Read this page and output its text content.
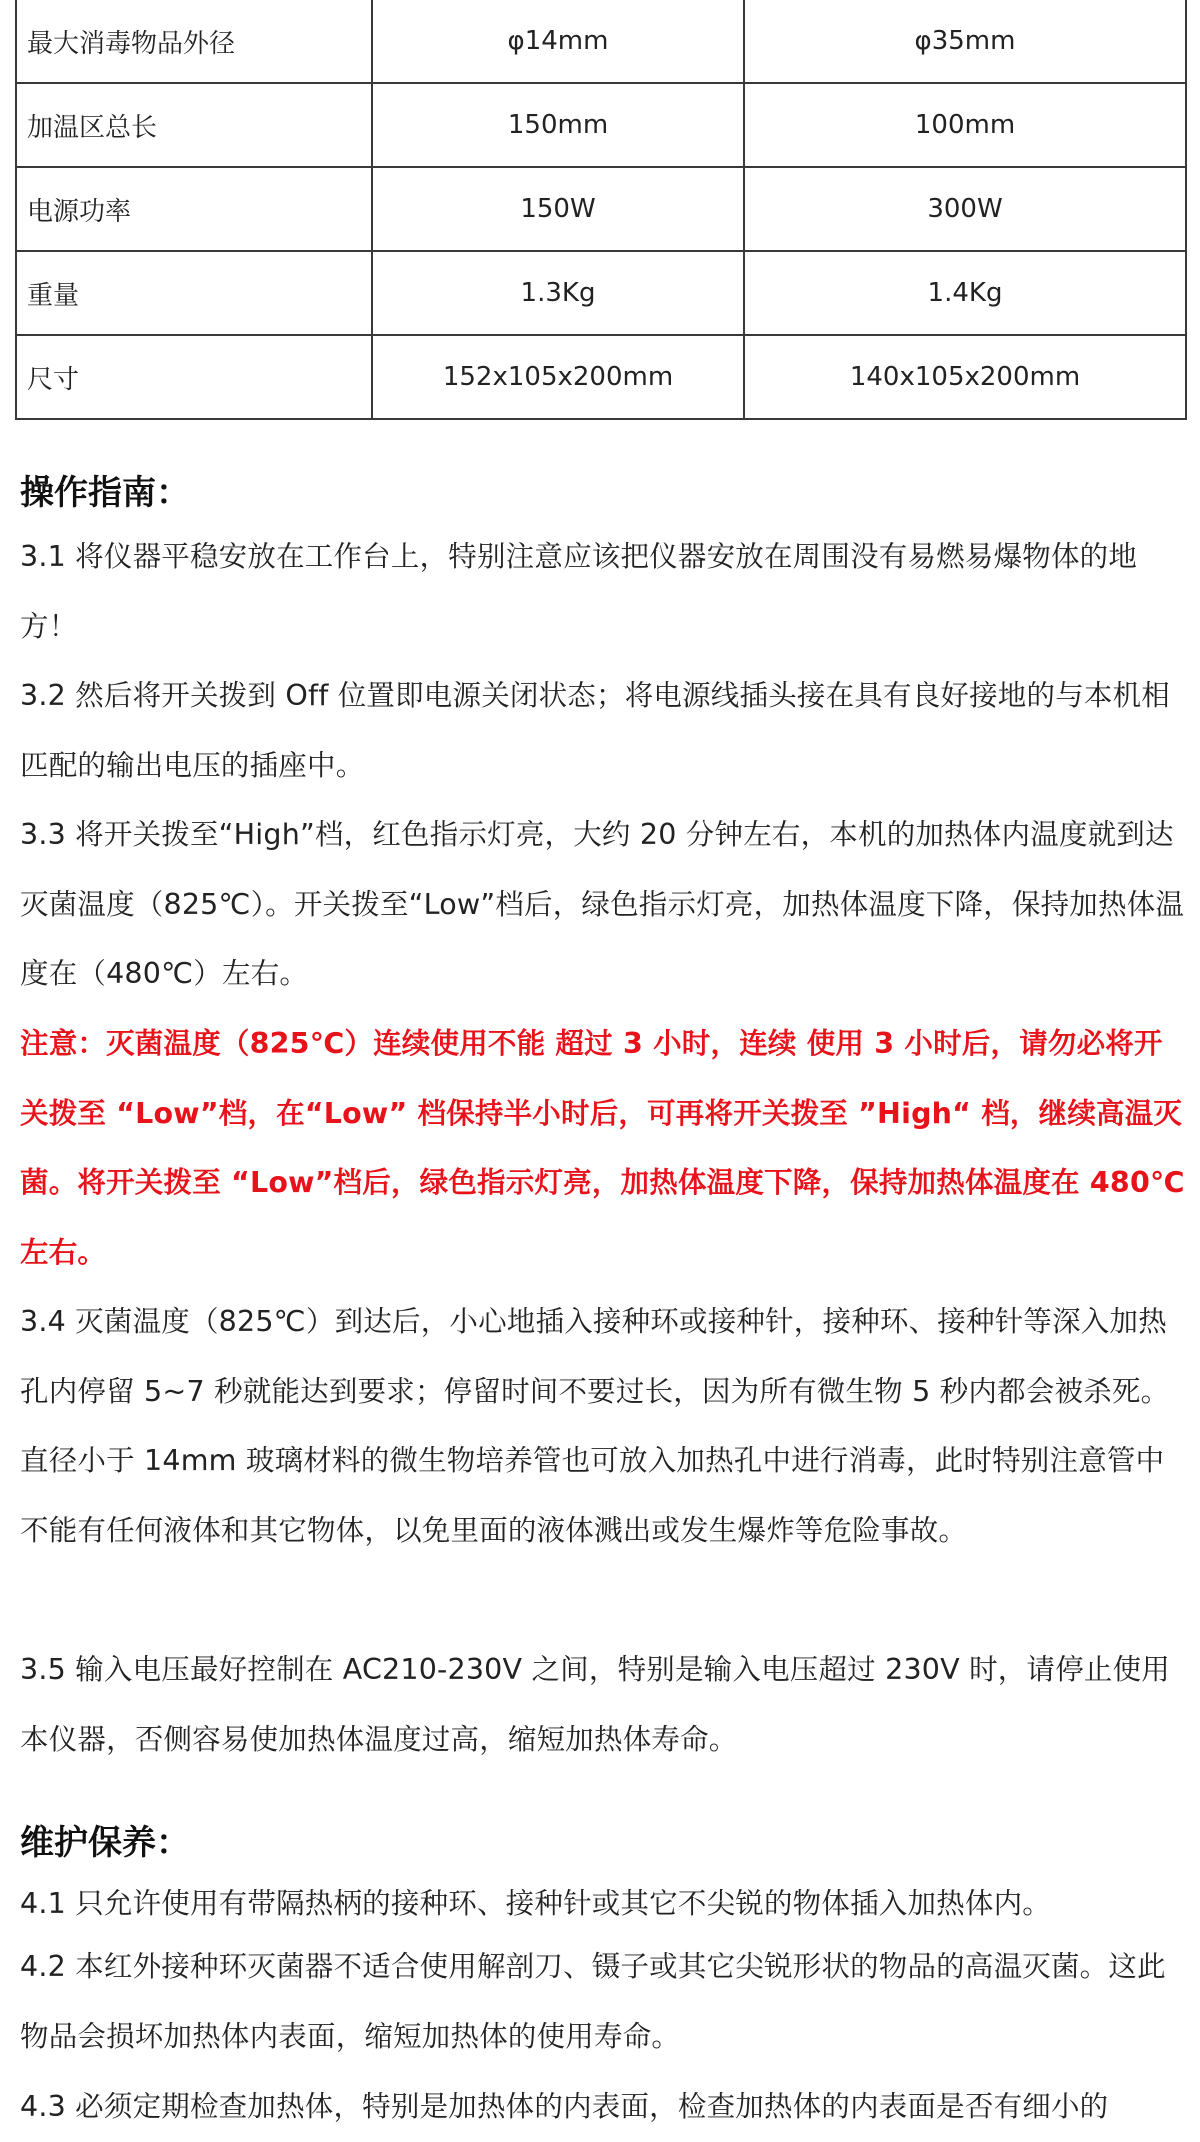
最大消毒物品外径	φ14mm	φ35mm
加温区总长	150mm	100mm
电源功率	150W	300W
重量	1.3Kg	1.4Kg
尺寸	152x105x200mm	140x105x200mm
操作指南：

3.1 将仪器平稳安放在工作台上，特别注意应该把仪器安放在周围没有易燃易爆物体的地方！

3.2 然后将开关拨到 Off 位置即电源关闭状态；将电源线插头接在具有良好接地的与本机相匹配的输出电压的插座中。

3.3 将开关拨至“High”档，红色指示灯亮，大约 20 分钟左右，本机的加热体内温度就到达灭菌温度（825℃）。开关拨至“Low”档后，绿色指示灯亮，加热体温度下降，保持加热体温度在（480℃）左右。

注意：灭菌温度（825℃）连续使用不能 超过 3 小时，连续 使用 3 小时后，请勿必将开关拨至 “Low”档，在“Low” 档保持半小时后，可再将开关拨至 ”High“ 档，继续高温灭菌。将开关拨至 “Low”档后，绿色指示灯亮，加热体温度下降，保持加热体温度在 480℃左右。

3.4 灭菌温度（825℃）到达后，小心地插入接种环或接种针，接种环、接种针等深入加热孔内停留 5~7 秒就能达到要求；停留时间不要过长，因为所有微生物 5 秒内都会被杀死。直径小于 14mm 玻璃材料的微生物培养管也可放入加热孔中进行消毒，此时特别注意管中不能有任何液体和其它物体，以免里面的液体溅出或发生爆炸等危险事故。

3.5 输入电压最好控制在 AC210-230V 之间，特别是输入电压超过 230V 时，请停止使用本仪器，否侧容易使加热体温度过高，缩短加热体寿命。

维护保养：

4.1 只允许使用有带隔热柄的接种环、接种针或其它不尖锐的物体插入加热体内。

4.2 本红外接种环灭菌器不适合使用解剖刀、镊子或其它尖锐形状的物品的高温灭菌。这此物品会损坏加热体内表面，缩短加热体的使用寿命。

4.3 必须定期检查加热体，特别是加热体的内表面，检查加热体的内表面是否有细小的
